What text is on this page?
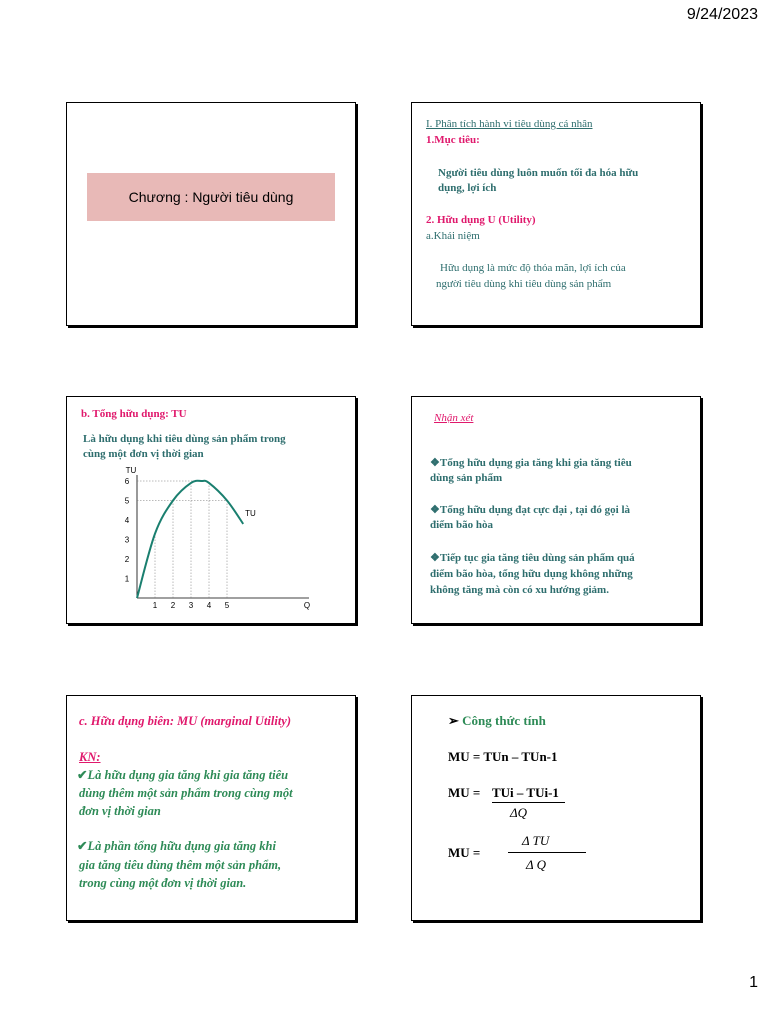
9/24/2023
Chương : Người tiêu dùng
I. Phân tích hành vi tiêu dùng cá nhân
1.Mục tiêu:
Người tiêu dùng luôn muốn tối đa hóa hữu
dụng, lợi ích
2. Hữu dụng U (Utility)
a.Khái niệm
Hữu dụng là mức độ thỏa mãn, lợi ích của
người tiêu dùng khi tiêu dùng sản phẩm
b. Tổng hữu dụng: TU
Là hữu dụng khi tiêu dùng sản phẩm trong
cùng một đơn vị thời gian
TU
Q
1
2
3
4
5
6
1 2 3 4 5
TU
Nhận xét
❖Tổng hữu dụng gia tăng khi gia tăng tiêu
dùng sản phẩm
❖Tổng hữu dụng đạt cực đại , tại đó gọi là
điểm bão hòa
❖Tiếp tục gia tăng tiêu dùng sản phẩm quá
điểm bão hòa, tổng hữu dụng không những
không tăng mà còn có xu hướng giảm.
c. Hữu dụng biên: MU (marginal Utility)
KN:
✔Là hữu dụng gia tăng khi gia tăng tiêu
dùng thêm một sản phẩm trong cùng một
đơn vị thời gian
✔Là phần tổng hữu dụng gia tăng khi
gia tăng tiêu dùng thêm một sản phẩm,
trong cùng một đơn vị thời gian.
➢ Công thức tính
MU = TUn – TUn-1
MU = TUi – TUi-1
ΔQ
MU =
Δ TU
Δ Q
1
